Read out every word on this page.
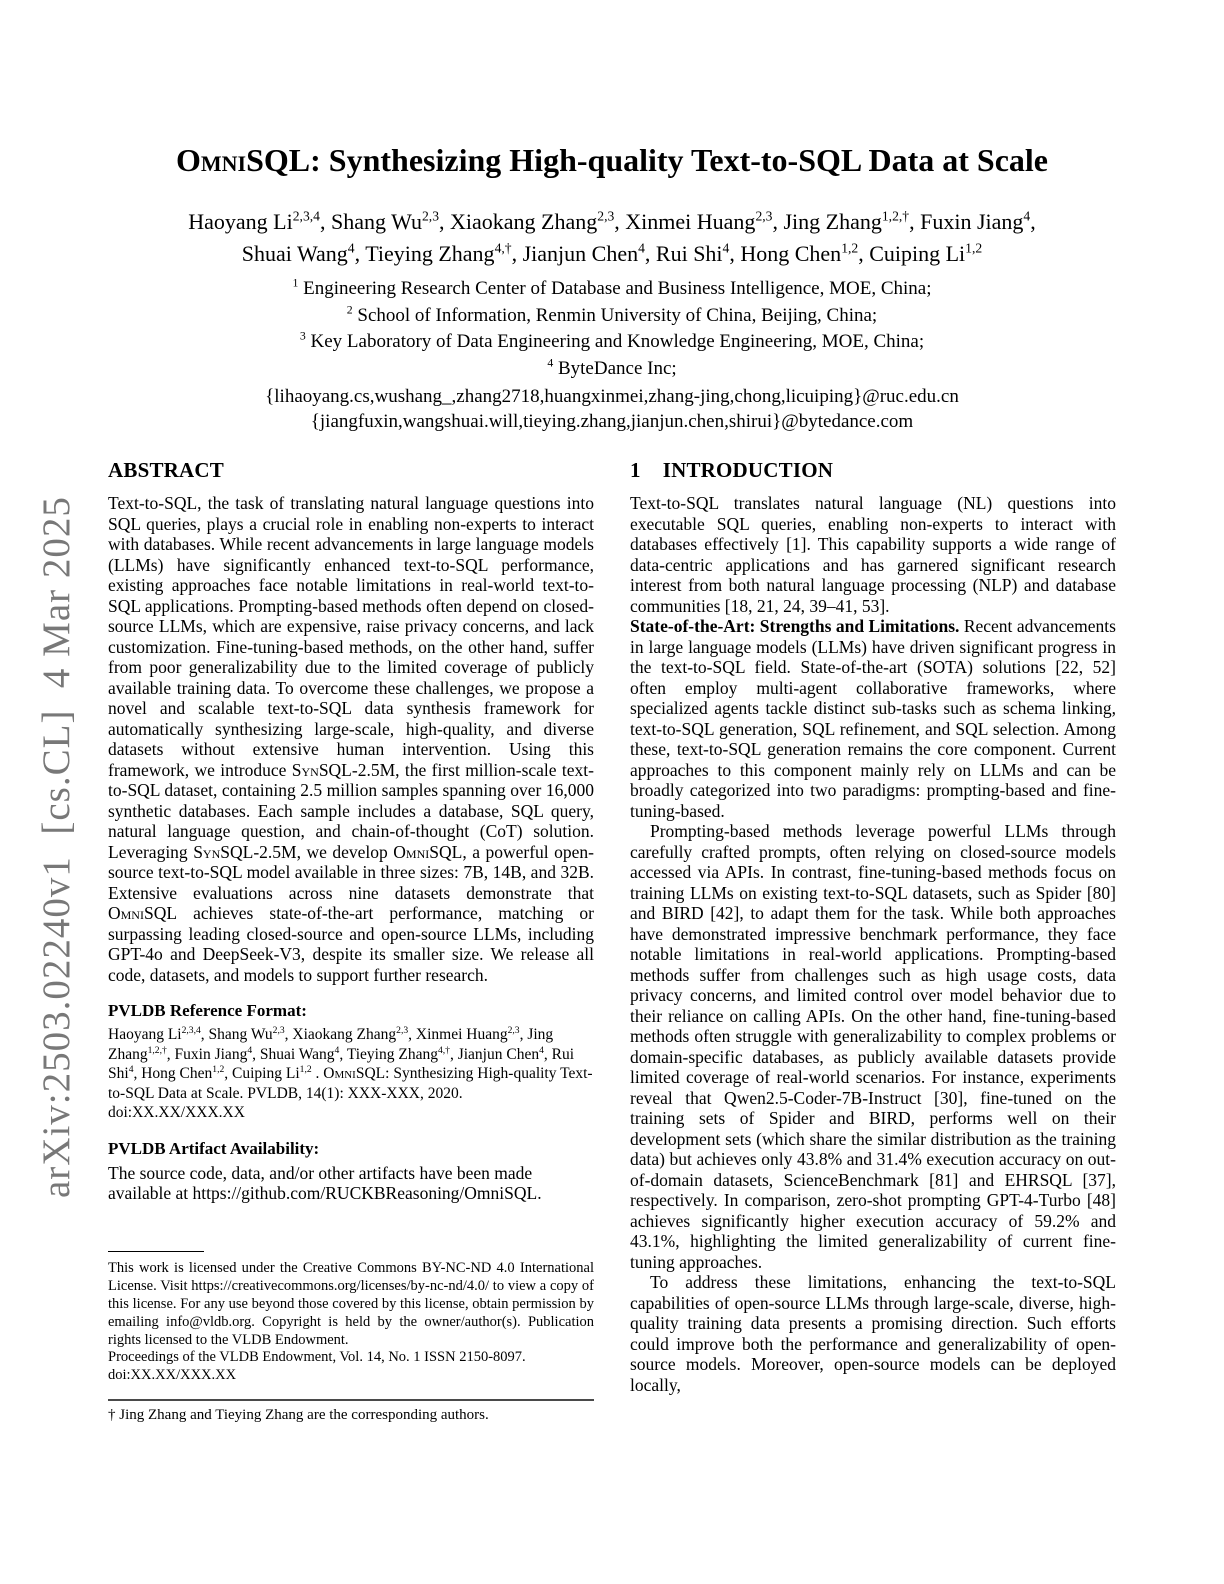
arXiv:2503.02240v1  [cs.CL]  4 Mar 2025
OmniSQL: Synthesizing High-quality Text-to-SQL Data at Scale
Haoyang Li$^{2,3,4}$, Shang Wu$^{2,3}$, Xiaokang Zhang$^{2,3}$, Xinmei Huang$^{2,3}$, Jing Zhang$^{1,2,\dagger}$, Fuxin Jiang$^4$,
Shuai Wang$^4$, Tieying Zhang$^{4,\dagger}$, Jianjun Chen$^4$, Rui Shi$^4$, Hong Chen$^{1,2}$, Cuiping Li$^{1,2}$
$^1$ Engineering Research Center of Database and Business Intelligence, MOE, China;
$^2$ School of Information, Renmin University of China, Beijing, China;
$^3$ Key Laboratory of Data Engineering and Knowledge Engineering, MOE, China;
$^4$ ByteDance Inc;
{lihaoyang.cs,wushang_,zhang2718,huangxinmei,zhang-jing,chong,licuiping}@ruc.edu.cn
{jiangfuxin,wangshuai.will,tieying.zhang,jianjun.chen,shirui}@bytedance.com
ABSTRACT

Text-to-SQL, the task of translating natural language questions into SQL queries, plays a crucial role in enabling non-experts to interact with databases. While recent advancements in large language models (LLMs) have significantly enhanced text-to-SQL performance, existing approaches face notable limitations in real-world text-to-SQL applications. Prompting-based methods often depend on closed-source LLMs, which are expensive, raise privacy concerns, and lack customization. Fine-tuning-based methods, on the other hand, suffer from poor generalizability due to the limited coverage of publicly available training data. To overcome these challenges, we propose a novel and scalable text-to-SQL data synthesis framework for automatically synthesizing large-scale, high-quality, and diverse datasets without extensive human intervention. Using this framework, we introduce SynSQL-2.5M, the first million-scale text-to-SQL dataset, containing 2.5 million samples spanning over 16,000 synthetic databases. Each sample includes a database, SQL query, natural language question, and chain-of-thought (CoT) solution. Leveraging SynSQL-2.5M, we develop OmniSQL, a powerful open-source text-to-SQL model available in three sizes: 7B, 14B, and 32B. Extensive evaluations across nine datasets demonstrate that OmniSQL achieves state-of-the-art performance, matching or surpassing leading closed-source and open-source LLMs, including GPT-4o and DeepSeek-V3, despite its smaller size. We release all code, datasets, and models to support further research.

PVLDB Reference Format:

Haoyang Li$^{2,3,4}$, Shang Wu$^{2,3}$, Xiaokang Zhang$^{2,3}$, Xinmei Huang$^{2,3}$, Jing Zhang$^{1,2,\dagger}$, Fuxin Jiang$^4$, Shuai Wang$^4$, Tieying Zhang$^{4,\dagger}$, Jianjun Chen$^4$, Rui Shi$^4$, Hong Chen$^{1,2}$, Cuiping Li$^{1,2}$ . OmniSQL: Synthesizing High-quality Text-to-SQL Data at Scale. PVLDB, 14(1): XXX-XXX, 2020. doi:XX.XX/XXX.XX

PVLDB Artifact Availability:

The source code, data, and/or other artifacts have been made available at https://github.com/RUCKBReasoning/OmniSQL.

This work is licensed under the Creative Commons BY-NC-ND 4.0 International License. Visit https://creativecommons.org/licenses/by-nc-nd/4.0/ to view a copy of this license. For any use beyond those covered by this license, obtain permission by emailing info@vldb.org. Copyright is held by the owner/author(s). Publication rights licensed to the VLDB Endowment.

Proceedings of the VLDB Endowment, Vol. 14, No. 1 ISSN 2150-8097.

doi:XX.XX/XXX.XX

† Jing Zhang and Tieying Zhang are the corresponding authors.

1 INTRODUCTION

Text-to-SQL translates natural language (NL) questions into executable SQL queries, enabling non-experts to interact with databases effectively [1]. This capability supports a wide range of data-centric applications and has garnered significant research interest from both natural language processing (NLP) and database communities [18, 21, 24, 39–41, 53].

State-of-the-Art: Strengths and Limitations. Recent advancements in large language models (LLMs) have driven significant progress in the text-to-SQL field. State-of-the-art (SOTA) solutions [22, 52] often employ multi-agent collaborative frameworks, where specialized agents tackle distinct sub-tasks such as schema linking, text-to-SQL generation, SQL refinement, and SQL selection. Among these, text-to-SQL generation remains the core component. Current approaches to this component mainly rely on LLMs and can be broadly categorized into two paradigms: prompting-based and fine-tuning-based.

Prompting-based methods leverage powerful LLMs through carefully crafted prompts, often relying on closed-source models accessed via APIs. In contrast, fine-tuning-based methods focus on training LLMs on existing text-to-SQL datasets, such as Spider [80] and BIRD [42], to adapt them for the task. While both approaches have demonstrated impressive benchmark performance, they face notable limitations in real-world applications. Prompting-based methods suffer from challenges such as high usage costs, data privacy concerns, and limited control over model behavior due to their reliance on calling APIs. On the other hand, fine-tuning-based methods often struggle with generalizability to complex problems or domain-specific databases, as publicly available datasets provide limited coverage of real-world scenarios. For instance, experiments reveal that Qwen2.5-Coder-7B-Instruct [30], fine-tuned on the training sets of Spider and BIRD, performs well on their development sets (which share the similar distribution as the training data) but achieves only 43.8% and 31.4% execution accuracy on out-of-domain datasets, ScienceBenchmark [81] and EHRSQL [37], respectively. In comparison, zero-shot prompting GPT-4-Turbo [48] achieves significantly higher execution accuracy of 59.2% and 43.1%, highlighting the limited generalizability of current fine-tuning approaches.

To address these limitations, enhancing the text-to-SQL capabilities of open-source LLMs through large-scale, diverse, high-quality training data presents a promising direction. Such efforts could improve both the performance and generalizability of open-source models. Moreover, open-source models can be deployed locally,
